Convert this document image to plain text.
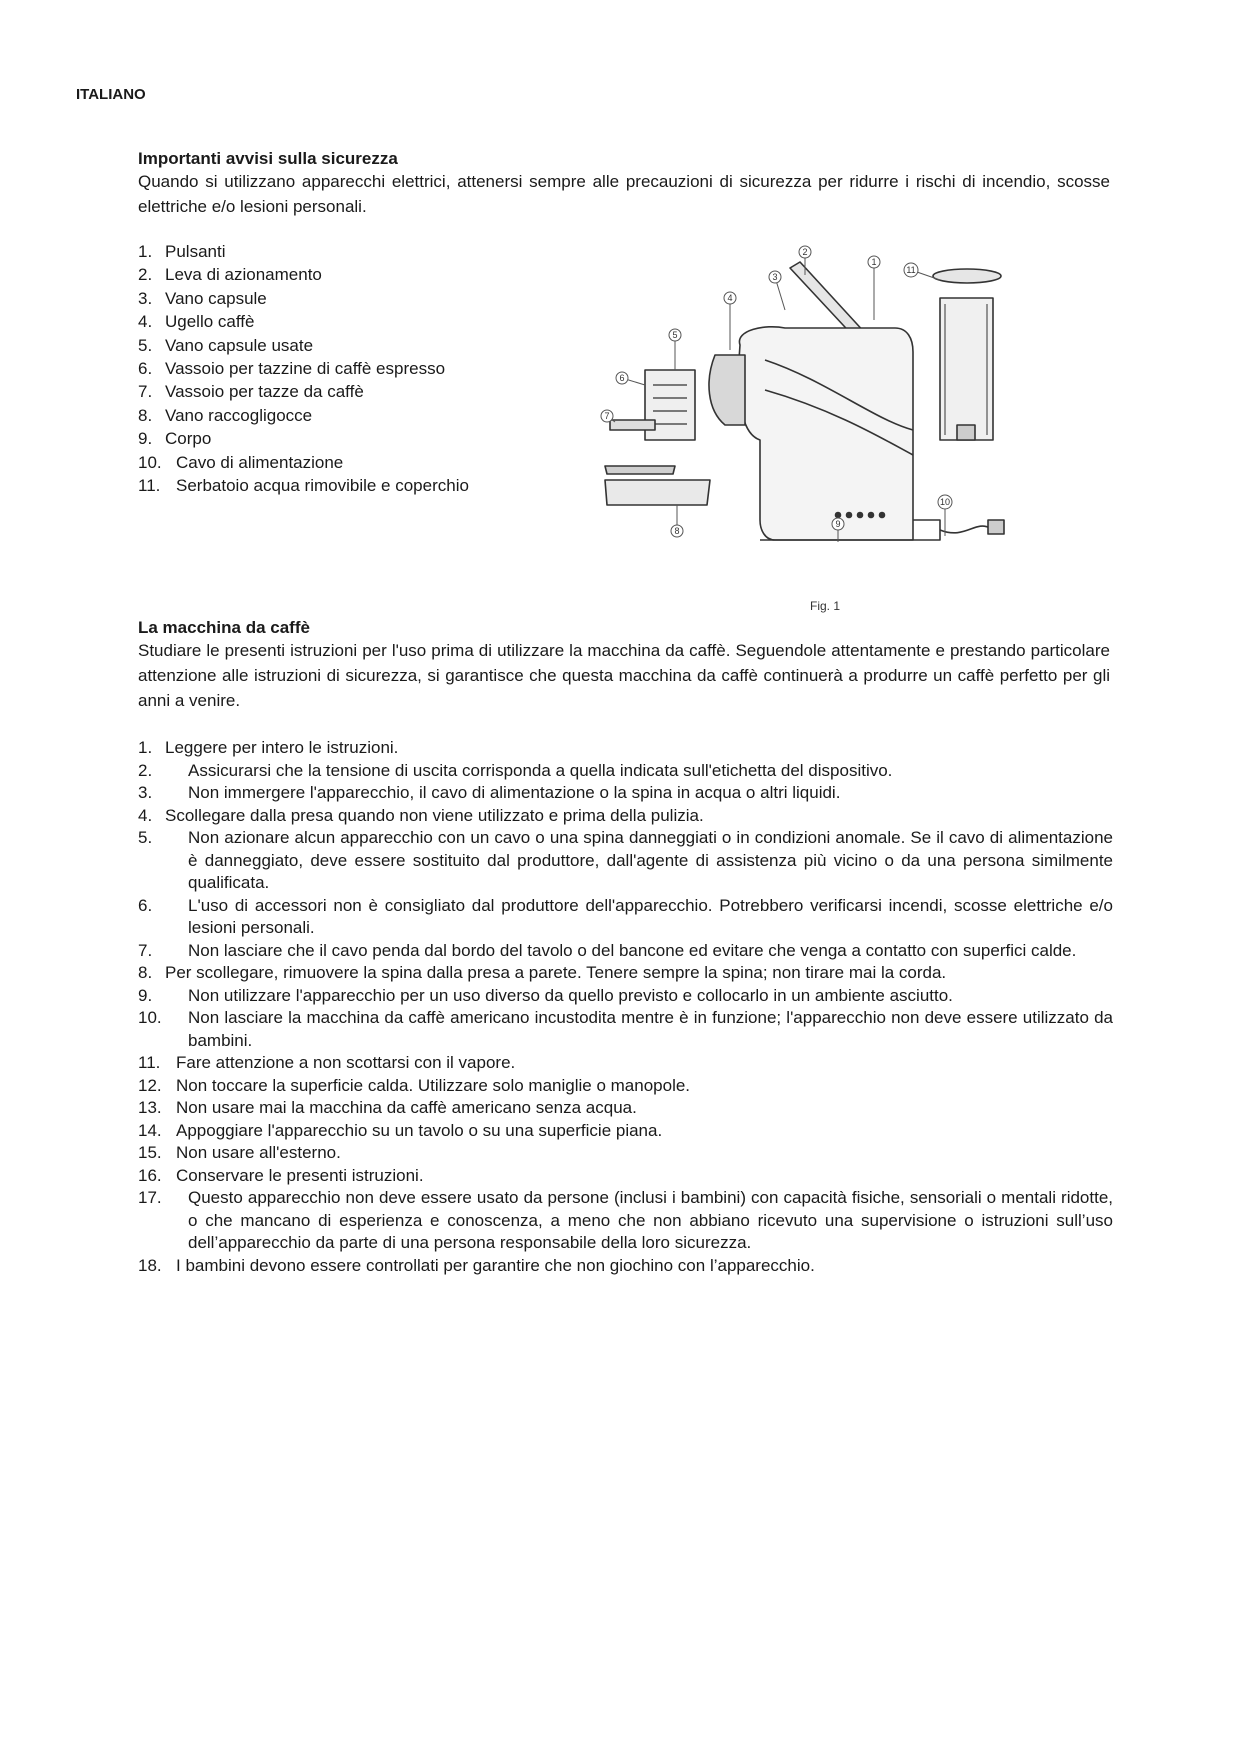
ITALIANO
Importanti avvisi sulla sicurezza

Quando si utilizzano apparecchi elettrici, attenersi sempre alle precauzioni di sicurezza per ridurre i rischi di incendio, scosse elettriche e/o lesioni personali.

1. Pulsanti
2. Leva di azionamento
3. Vano capsule
4. Ugello caffè
5. Vano capsule usate
6. Vassoio per tazzine di caffè espresso
7. Vassoio per tazze da caffè
8. Vano raccogligocce
9. Corpo
10. Cavo di alimentazione
11. Serbatoio acqua rimovibile e coperchio
1
2
3
4
5
6
7
8
9
10
11
Fig. 1
La macchina da caffè

Studiare le presenti istruzioni per l'uso prima di utilizzare la macchina da caffè. Seguendole attentamente e prestando particolare attenzione alle istruzioni di sicurezza, si garantisce che questa macchina da caffè continuerà a produrre un caffè perfetto per gli anni a venire.

1. Leggere per intero le istruzioni.
2.	Assicurarsi che la tensione di uscita corrisponda a quella indicata sull'etichetta del dispositivo.
3.	Non immergere l'apparecchio, il cavo di alimentazione o la spina in acqua o altri liquidi.
4. Scollegare dalla presa quando non viene utilizzato e prima della pulizia.
5.	Non azionare alcun apparecchio con un cavo o una spina danneggiati o in condizioni anomale. Se il cavo di alimentazione è danneggiato, deve essere sostituito dal produttore, dall'agente di assistenza più vicino o da una persona similmente qualificata.
6.	L'uso di accessori non è consigliato dal produttore dell'apparecchio. Potrebbero verificarsi incendi, scosse elettriche e/o lesioni personali.
7.	Non lasciare che il cavo penda dal bordo del tavolo o del bancone ed evitare che venga a contatto con superfici calde.
8. Per scollegare, rimuovere la spina dalla presa a parete. Tenere sempre la spina; non tirare mai la corda.
9.	Non utilizzare l'apparecchio per un uso diverso da quello previsto e collocarlo in un ambiente asciutto.
10.	Non lasciare la macchina da caffè americano incustodita mentre è in funzione; l'apparecchio non deve essere utilizzato da bambini.
11. Fare attenzione a non scottarsi con il vapore.
12. Non toccare la superficie calda. Utilizzare solo maniglie o manopole.
13. Non usare mai la macchina da caffè americano senza acqua.
14. Appoggiare l'apparecchio su un tavolo o su una superficie piana.
15. Non usare all'esterno.
16. Conservare le presenti istruzioni.
17.	Questo apparecchio non deve essere usato da persone (inclusi i bambini) con capacità fisiche, sensoriali o mentali ridotte, o che mancano di esperienza e conoscenza, a meno che non abbiano ricevuto una supervisione o istruzioni sull’uso dell’apparecchio da parte di una persona responsabile della loro sicurezza.
18. I bambini devono essere controllati per garantire che non giochino con l’apparecchio.
